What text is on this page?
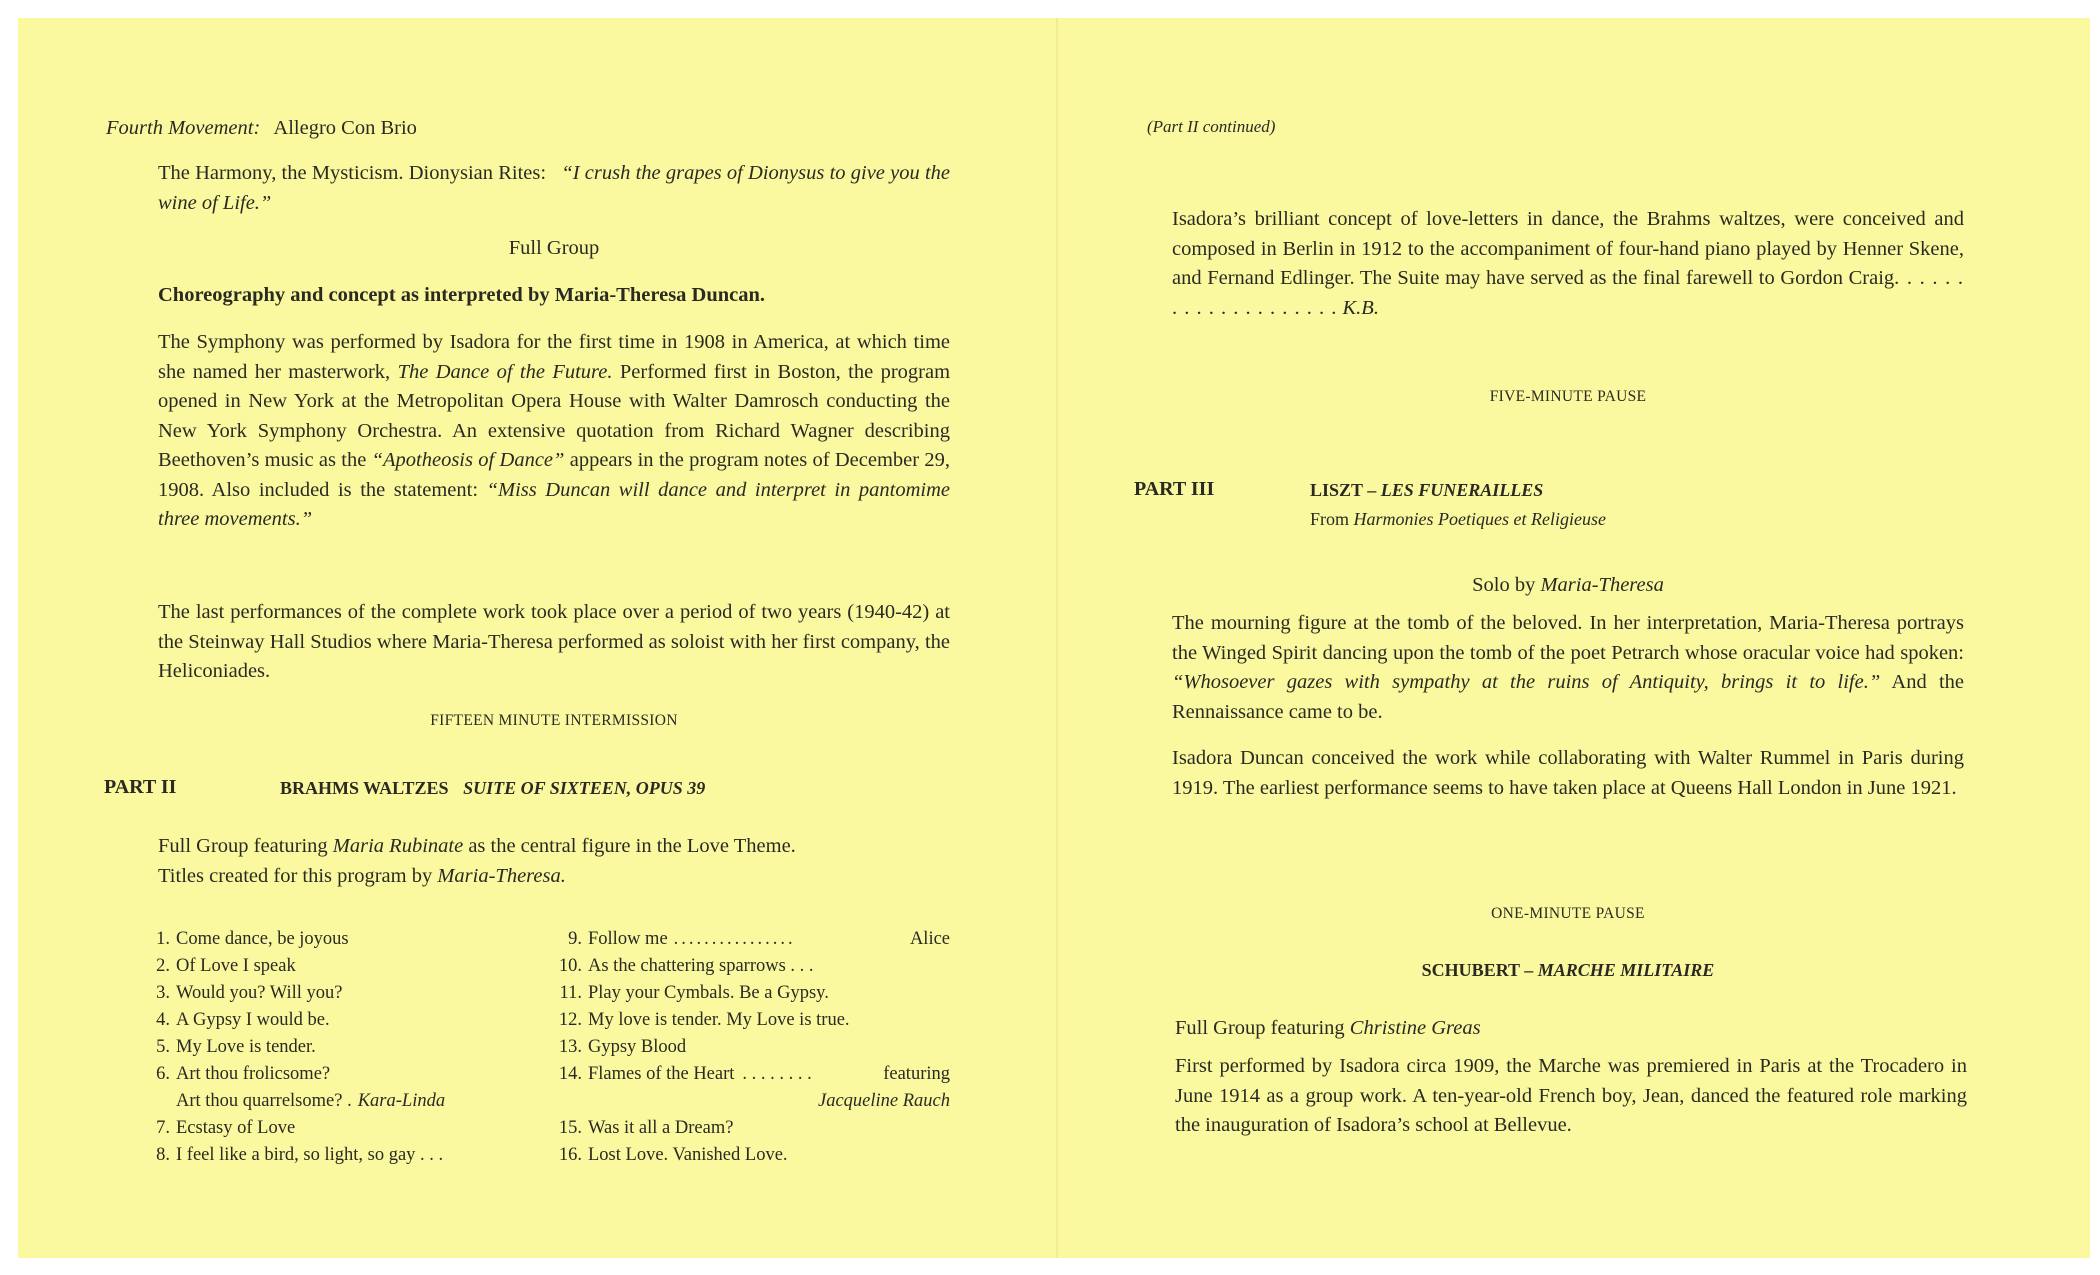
Fourth Movement: Allegro Con Brio
The Harmony, the Mysticism. Dionysian Rites: “I crush the grapes of Dionysus to give you the wine of Life.”
Full Group
Choreography and concept as interpreted by Maria-Theresa Duncan.
The Symphony was performed by Isadora for the first time in 1908 in America, at which time she named her masterwork, The Dance of the Future. Performed first in Boston, the program opened in New York at the Metropolitan Opera House with Walter Damrosch conducting the New York Symphony Orchestra. An extensive quotation from Richard Wagner describing Beethoven’s music as the “Apotheosis of Dance” appears in the program notes of December 29, 1908. Also included is the statement: “Miss Duncan will dance and interpret in pantomime three movements.”
The last performances of the complete work took place over a period of two years (1940-42) at the Steinway Hall Studios where Maria-Theresa performed as soloist with her first company, the Heliconiades.
FIFTEEN MINUTE INTERMISSION
PART II	BRAHMS WALTZES SUITE OF SIXTEEN, OPUS 39
Full Group featuring Maria Rubinate as the central figure in the Love Theme.
Titles created for this program by Maria-Theresa.
1. Come dance, be joyous
2. Of Love I speak
3. Would you? Will you?
4. A Gypsy I would be.
5. My Love is tender.
6. Art thou frolicsome?
Art thou quarrelsome? . Kara-Linda
7. Ecstasy of Love
8. I feel like a bird, so light, so gay . . .
9. Follow me ................	Alice
10. As the chattering sparrows . . .
11. Play your Cymbals. Be a Gypsy.
12. My love is tender. My Love is true.
13. Gypsy Blood
14. Flames of the Heart . . . . . . . .	featuring
Jacqueline Rauch
15. Was it all a Dream?
16. Lost Love. Vanished Love.
(Part II continued)
Isadora’s brilliant concept of love-letters in dance, the Brahms waltzes, were conceived and composed in Berlin in 1912 to the accompaniment of four-hand piano played by Henner Skene, and Fernand Edlinger. The Suite may have served as the final farewell to Gordon Craig. . . . . . . . . . . . . . . . . . . . K.B.
FIVE-MINUTE PAUSE
PART III	LISZT – LES FUNERAILLES
From Harmonies Poetiques et Religieuse
Solo by Maria-Theresa
The mourning figure at the tomb of the beloved. In her interpretation, Maria-Theresa portrays the Winged Spirit dancing upon the tomb of the poet Petrarch whose oracular voice had spoken: “Whosoever gazes with sympathy at the ruins of Antiquity, brings it to life.” And the Rennaissance came to be.
Isadora Duncan conceived the work while collaborating with Walter Rummel in Paris during 1919. The earliest performance seems to have taken place at Queens Hall London in June 1921.
ONE-MINUTE PAUSE
SCHUBERT – MARCHE MILITAIRE
Full Group featuring Christine Greas
First performed by Isadora circa 1909, the Marche was premiered in Paris at the Trocadero in June 1914 as a group work. A ten-year-old French boy, Jean, danced the featured role marking the inauguration of Isadora’s school at Bellevue.
